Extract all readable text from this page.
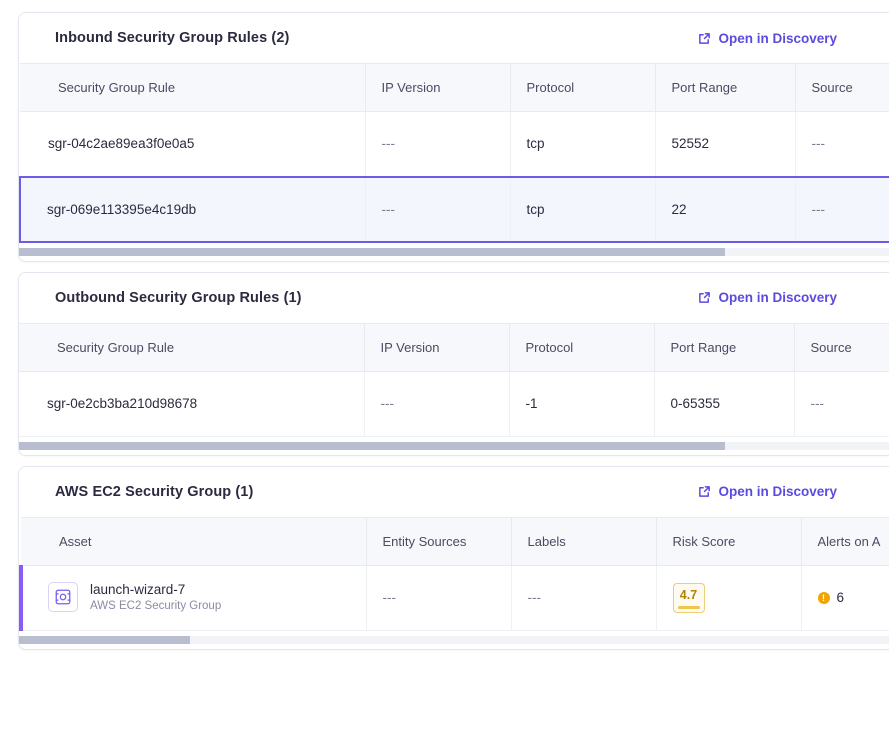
Inbound Security Group Rules (2)	Open in Discovery
Security Group Rule	IP Version	Protocol	Port Range	Source
sgr-04c2ae89ea3f0e0a5	---	tcp	52552	---
sgr-069e113395e4c19db	---	tcp	22	---
Outbound Security Group Rules (1)	Open in Discovery
Security Group Rule	IP Version	Protocol	Port Range	Source
sgr-0e2cb3ba210d98678	---	-1	0-65355	---
AWS EC2 Security Group (1)	Open in Discovery
Asset	Entity Sources	Labels	Risk Score	Alerts on A

launch-wizard-7
AWS EC2 Security Group	---	---	4.7	! 6
